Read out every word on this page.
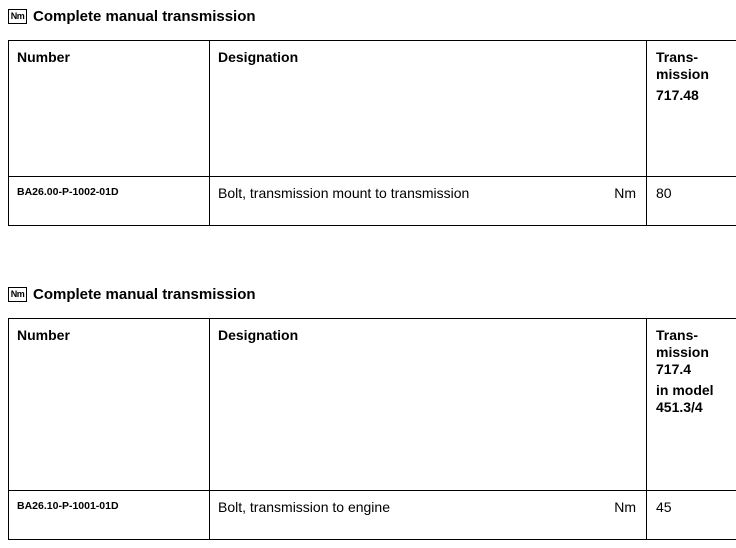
Nm Complete manual transmission
Number	Designation	Trans-
mission
717.48

BA26.00-P-1002-01D	Bolt, transmission mount to transmission Nm	80
Nm Complete manual transmission
Number	Designation	Trans-
mission
717.4
in model
451.3/4

BA26.10-P-1001-01D	Bolt, transmission to engine Nm	45
